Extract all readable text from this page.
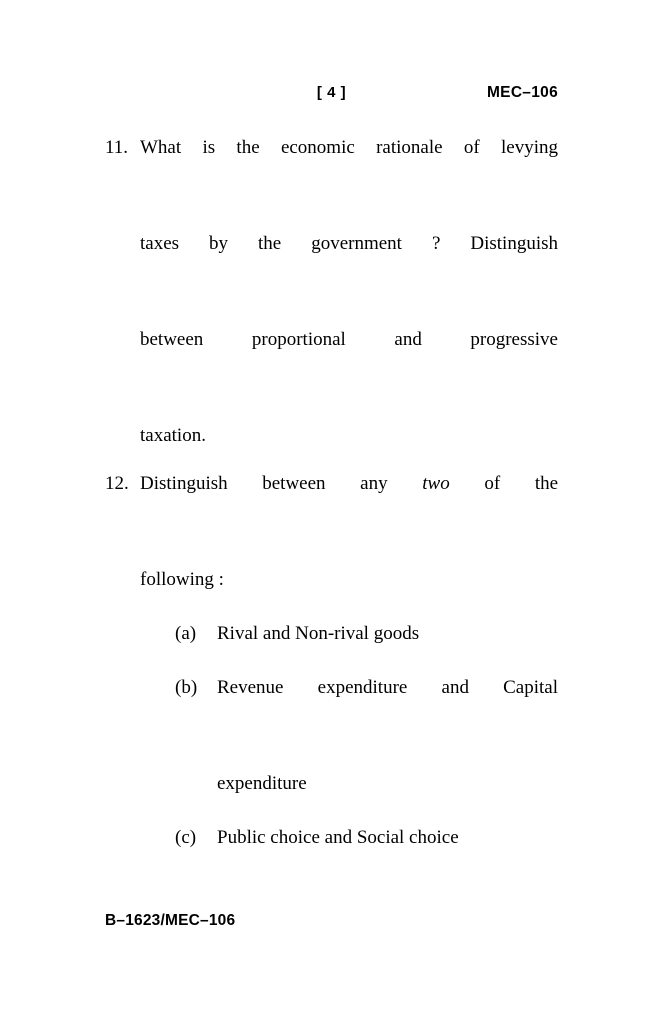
[ 4 ]	MEC–106
11. What is the economic rationale of levying
taxes by the government ? Distinguish
between proportional and progressive
taxation.
12. Distinguish between any two of the
following :
(a)	Rival and Non-rival goods
(b)	Revenue expenditure and Capital
expenditure
(c)	Public choice and Social choice
B–1623/MEC–106
